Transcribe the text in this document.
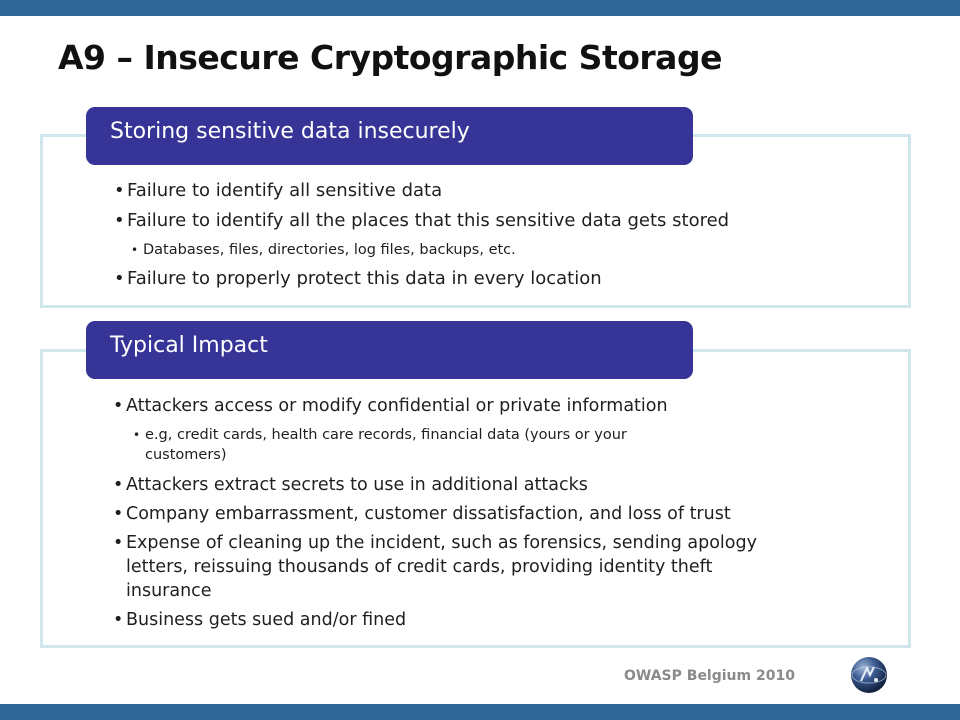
A9 – Insecure Cryptographic Storage
Storing sensitive data insecurely
• Failure to identify all sensitive data
• Failure to identify all the places that this sensitive data gets stored
• Databases, files, directories, log files, backups, etc.
• Failure to properly protect this data in every location
Typical Impact
• Attackers access or modify confidential or private information
• e.g, credit cards, health care records, financial data (yours or your
customers)
• Attackers extract secrets to use in additional attacks
• Company embarrassment, customer dissatisfaction, and loss of trust
• Expense of cleaning up the incident, such as forensics, sending apology
letters, reissuing thousands of credit cards, providing identity theft
insurance
• Business gets sued and/or fined
OWASP Belgium 2010
